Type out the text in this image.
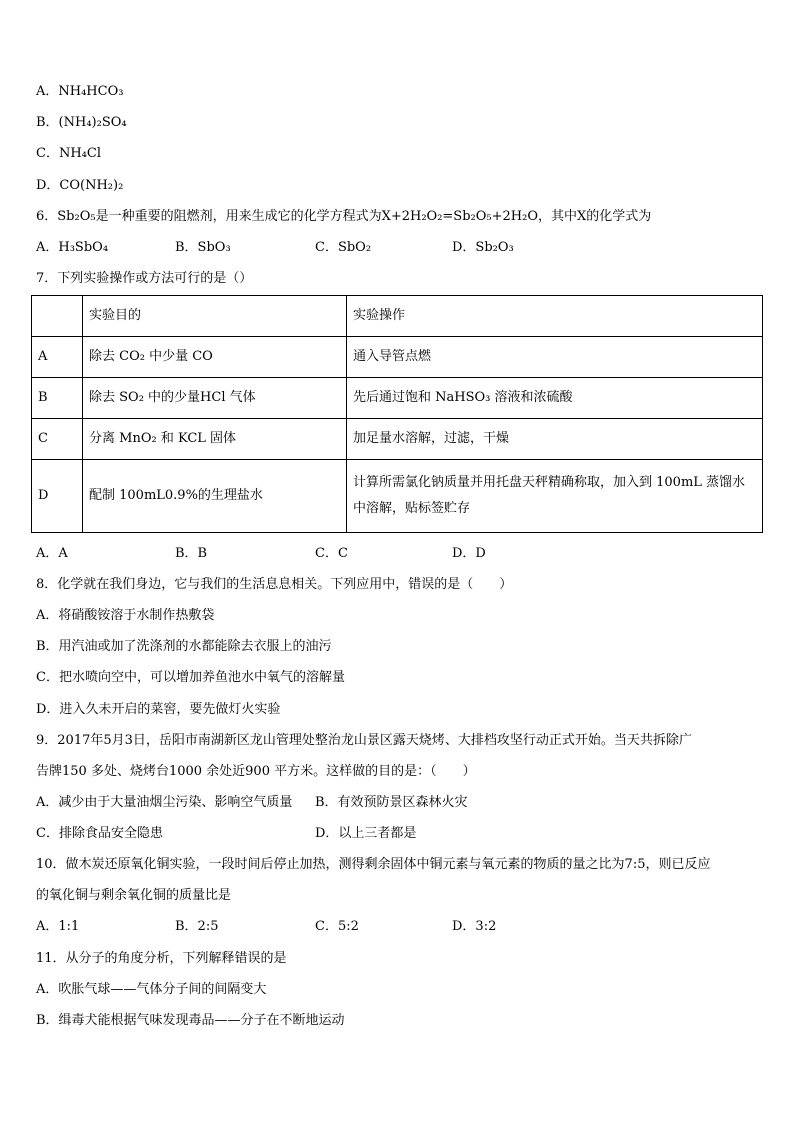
A．NH₄HCO₃
B．(NH₄)₂SO₄
C．NH₄Cl
D．CO(NH₂)₂
6．Sb₂O₅是一种重要的阻燃剂，用来生成它的化学方程式为X+2H₂O₂=Sb₂O₅+2H₂O，其中X的化学式为
A．H₃SbO₄	B．SbO₃	C．SbO₂	D．Sb₂O₃
7．下列实验操作或方法可行的是（）
	实验目的	实验操作
A	除去 CO₂ 中少量 CO	通入导管点燃
B	除去 SO₂ 中的少量HCl 气体	先后通过饱和 NaHSO₃ 溶液和浓硫酸
C	分离 MnO₂ 和 KCL 固体	加足量水溶解，过滤，干燥
D	配制 100mL0.9%的生理盐水	计算所需氯化钠质量并用托盘天秤精确称取，加入到 100mL 蒸馏水中溶解，贴标签贮存
A．A	B．B	C．C	D．D
8．化学就在我们身边，它与我们的生活息息相关。下列应用中，错误的是（　　）
A．将硝酸铵溶于水制作热敷袋
B．用汽油或加了洗涤剂的水都能除去衣服上的油污
C．把水喷向空中，可以增加养鱼池水中氧气的溶解量
D．进入久未开启的菜窖，要先做灯火实验
9．2017年5月3日，岳阳市南湖新区龙山管理处整治龙山景区露天烧烤、大排档攻坚行动正式开始。当天共拆除广
告牌150 多处、烧烤台1000 余处近900 平方米。这样做的目的是：（　　）
A．减少由于大量油烟尘污染、影响空气质量 B．有效预防景区森林火灾
C．排除食品安全隐患	D．以上三者都是
10．做木炭还原氧化铜实验，一段时间后停止加热，测得剩余固体中铜元素与氧元素的物质的量之比为7:5，则已反应
的氧化铜与剩余氧化铜的质量比是
A．1:1	B．2:5	C．5:2	D．3:2
11．从分子的角度分析，下列解释错误的是
A．吹胀气球——气体分子间的间隔变大
B．缉毒犬能根据气味发现毒品——分子在不断地运动
